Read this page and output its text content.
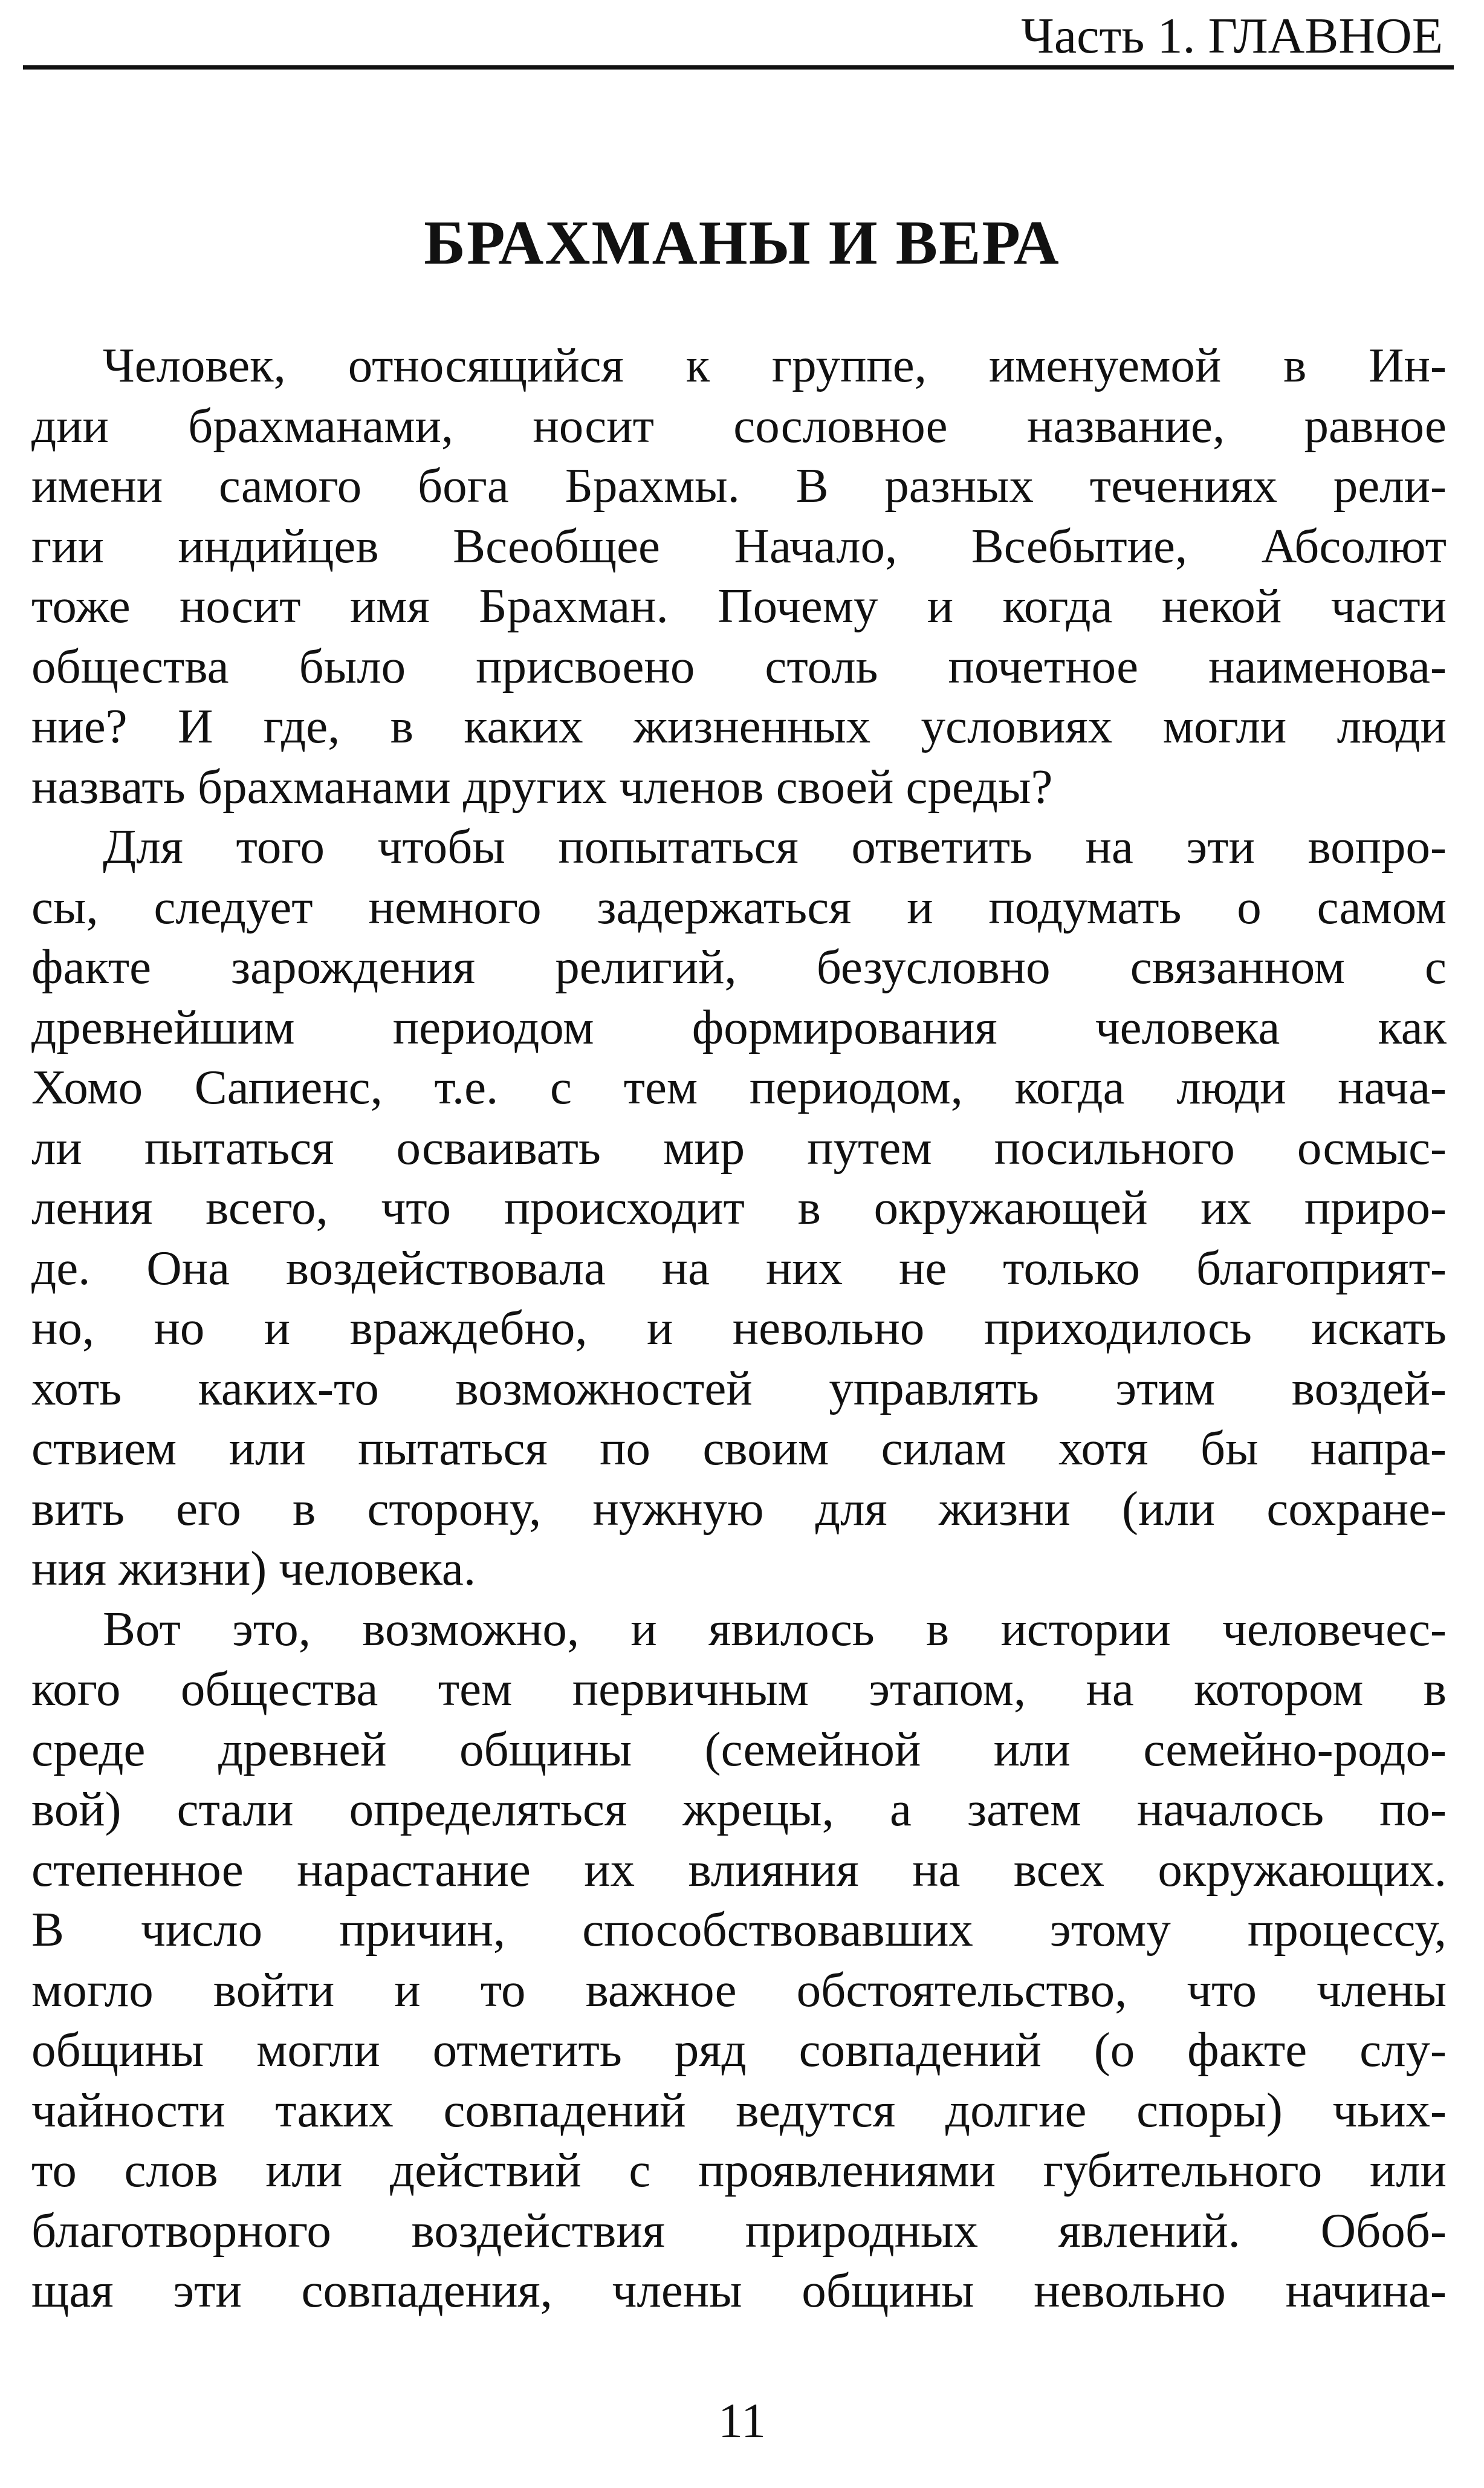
Часть 1. ГЛАВНОЕ
БРАХМАНЫ И ВЕРА
Человек, относящийся к группе, именуемой в Ин-
дии брахманами, носит сословное название, равное
имени самого бога Брахмы. В разных течениях рели-
гии индийцев Всеобщее Начало, Всебытие, Абсолют
тоже носит имя Брахман. Почему и когда некой части
общества было присвоено столь почетное наименова-
ние? И где, в каких жизненных условиях могли люди
назвать брахманами других членов своей среды?
Для того чтобы попытаться ответить на эти вопро-
сы, следует немного задержаться и подумать о самом
факте зарождения религий, безусловно связанном с
древнейшим периодом формирования человека как
Хомо Сапиенс, т.е. с тем периодом, когда люди нача-
ли пытаться осваивать мир путем посильного осмыс-
ления всего, что происходит в окружающей их приро-
де. Она воздействовала на них не только благоприят-
но, но и враждебно, и невольно приходилось искать
хоть каких-то возможностей управлять этим воздей-
ствием или пытаться по своим силам хотя бы напра-
вить его в сторону, нужную для жизни (или сохране-
ния жизни) человека.
Вот это, возможно, и явилось в истории человечес-
кого общества тем первичным этапом, на котором в
среде древней общины (семейной или семейно-родо-
вой) стали определяться жрецы, а затем началось по-
степенное нарастание их влияния на всех окружающих.
В число причин, способствовавших этому процессу,
могло войти и то важное обстоятельство, что члены
общины могли отметить ряд совпадений (о факте слу-
чайности таких совпадений ведутся долгие споры) чьих-
то слов или действий с проявлениями губительного или
благотворного воздействия природных явлений. Обоб-
щая эти совпадения, члены общины невольно начина-
11
